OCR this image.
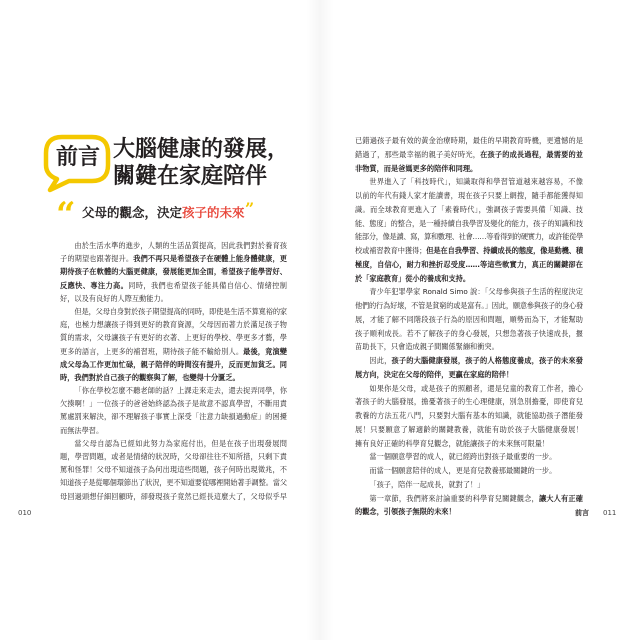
前言 大腦健康的發展，
關鍵在家庭陪伴
“ 父母的觀念，決定孩子的未來 ”
由於生活水準的進步，人類的生活品質提高，因此我們對於養育孩
子的期望也跟著提升。我們不再只是希望孩子在硬體上能身體健康，更
期待孩子在軟體的大腦更健康，發展能更加全面，希望孩子能學習好、
反應快、專注力高。同時，我們也希望孩子能具備自信心、情緒控制
好，以及有良好的人際互動能力。
但是，父母自身對於孩子期望提高的同時，即使是生活不算寬裕的家
庭，也極力想讓孩子得到更好的教育資源，父母因而著力於滿足孩子物
質的需求，父母讓孩子有更好的衣著、上更好的學校、學更多才藝，學
更多的語言，上更多的補習班，期待孩子能不輸給別人。最後，竟演變
成父母為工作更加忙碌，親子陪伴的時間沒有提升，反而更加貧乏。同
時，我們對於自己孩子的觀察與了解，也變得十分匱乏。
「你在學校怎麼不聽老師的話？上課走來走去，還去捉弄同學，你
欠揍啊！」一位孩子的爸爸始終認為孩子是故意不認真學習，不斷用責
罵處罰來解決，卻不理解孩子事實上深受「注意力缺損過動症」的困擾
而無法學習。
當父母自認為已經如此努力為家庭付出，但是在孩子出現發展問
題，學習問題，或者是情緒的狀況時，父母卻往往不知所措，只剩下責
罵和怪罪！父母不知道孩子為何出現這些問題，孩子何時出現徵兆，不
知道孩子是從哪個環節出了狀況，更不知道要從哪裡開始著手調整。當父
母回過頭想仔細回顧時，卻發現孩子竟然已經長這麼大了，父母似乎早
010
已錯過孩子最有效的黃金治療時期，最佳的早期教育時機，更遺憾的是
錯過了，那些最幸福的親子美好時光，在孩子的成長過程，最需要的並
非物質，而是爸媽更多的陪伴和同理。
世界進入了「科技時代」，知識取得和學習管道越來越容易，不像
以前的年代有錢人家才能讀書，現在孩子只要上網搜，隨手都能獲得知
識。而全球教育更進入了「素養時代」，強調孩子需要具備「知識、技
能、態度」的整合，是一種持續自我學習及變化的能力，孩子的知識和技
能部分，像是讀、寫，算和數理、社會……等看得到的硬實力，或許能從學
校或補習教育中獲得；但是在自我學習、持續成長的態度，像是動機、積
極度，自信心，耐力和挫折忍受度……等這些軟實力，真正的關鍵卻在
於「家庭教育」從小的養成和支持。
青少年犯罪學家 Ronald Simo 說：「父母參與孩子生活的程度決定
他們的行為好壞，不管是貧窮的或是富有。」因此，願意參與孩子的身心發
展，才能了解不同階段孩子行為的原因和問題，順勢而為下，才能幫助
孩子順利成長。若不了解孩子的身心發展，只想急著孩子快速成長，揠
苗助長下，只會造成親子間關係緊繃和衝突。
因此，孩子的大腦健康發展，孩子的人格態度養成，孩子的未來發
展方向，決定在父母的陪伴，更贏在家庭的陪伴！
如果你是父母，或是孩子的照顧者，還是兒童的教育工作者，擔心
著孩子的大腦發展，擔憂著孩子的生心理健康，別急別擔憂，即使育兒
教養的方法五花八門，只要對大腦有基本的知識，就能協助孩子潛能發
展！只要願意了解適齡的關鍵教養，就能有助於孩子大腦健康發展！
擁有良好正確的科學育兒觀念，就能讓孩子的未來無可限量！
當一個願意學習的成人，就已經跨出對孩子最重要的一步。
而當一個願意陪伴的成人，更是育兒教養那最關鍵的一步。
「孩子，陪伴一起成長，就對了！」
第一章節，我們將來討論重要的科學育兒關鍵觀念，讓大人有正確
的觀念，引領孩子無限的未來！	前言 011
